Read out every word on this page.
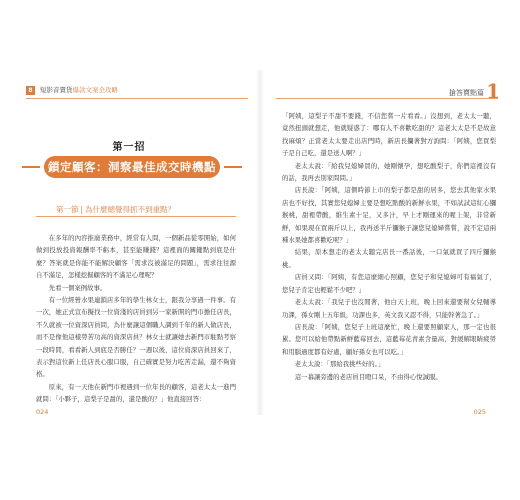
8	短影音賣貨爆款文案全攻略
第一招
鎖定顧客：洞察最佳成交時機點
第一節 | 為什麼總覺得抓不到重點？

在多年的內容推廣業務中，經常有人問，一個新品從零開始，如何做到投放投資報酬率不虧本，甚至能賺錢？這裡面的關鍵點到底是什麼？答案就是你能不能解決顧客「需求沒被滿足的問題」，需求往往源自不滿足，怎樣挖掘顧客的不滿足心理呢？

先看一個案例故事。

有一位經營水果連鎖店多年的學生林女士，跟我分享過一件事。有一次，她正式宣布擬找一位資淺的店員到另一家新開的門市擔任店長，不久就被一位資深店員問，為什麼讓這個職人調到千年的新人做店長，而不是像他這樣勞苦功高的資深店員？林女士就讓她去新門市駐點考察一段時間，看看新人到底是否勝任？一週以後，這位資深店員回來了，表示對這位新上任店長心服口服，自己確實是努力吃苦走漏，還不夠資格。

原來，有一天他在新門市裡遇到一位年長的顧客，這老太太一進門就問：「小夥子，這梨子是甜的，還是酸的？」他直接回答：

024
搶答賣點篇 1

「阿姨，這梨子不甜不要錢，不信您嘗一片看看。」沒想到，老太太一聽，竟然扭頭就想走，他就疑惑了：哪有人不喜歡吃甜的？這老太太是不是故意找麻煩？正當老太太要走出店門時，新店長攔著對方詢問：「阿姨，您買梨子是自己吃，還是送人啊？」

老太太說：「給我兒媳婦買的，她剛懷孕，想吃酸梨子，你們這裡沒有的話，我再去別家問問。」

店長說：「阿姨，這個時節上市的梨子都是甜的居多，您去其他家水果店也不好找，其實您兒媳婦主要是想吃點酸的新鮮水果，不如試試這紅心獼猴桃，甜裡帶酸，維生素十足，又多汁，早上才剛運來的喔上架，非常新鮮，如果現在買兩斤以上，我再送半斤獼猴子讓您兒媳婦嘗嘗，說不定這兩種水果她都喜歡吃呢？」

結果，原本想走的老太太聽完店長一番話後，一口氣就買了四斤獼猴桃。

店員又問：「阿姨，有您這麼細心照顧，您兒子和兒媳婦可有福氣了，您兒子肯定也輕鬆不少吧？」

老太太說：「我兒子也沒閒著，他白天上班，晚上回來還要幫女兒輔導功課，孫女剛上五年級，功課也多，英文我又認不得，只能幹著急了。」

店長說：「阿姨，您兒子上班這麼忙，晚上還要照顧家人，那一定也很累。您可以給他帶點新鮮藍莓回去，這藍莓花青素含量高，對緩解眼睛疲勞和用腦過度都有好處，顧好孫女也可以吃。」

老太太說：「那給我挑些好的。」

這一幕讓旁邊的老店員目瞪口呆，不由得心悅誠服。

025
